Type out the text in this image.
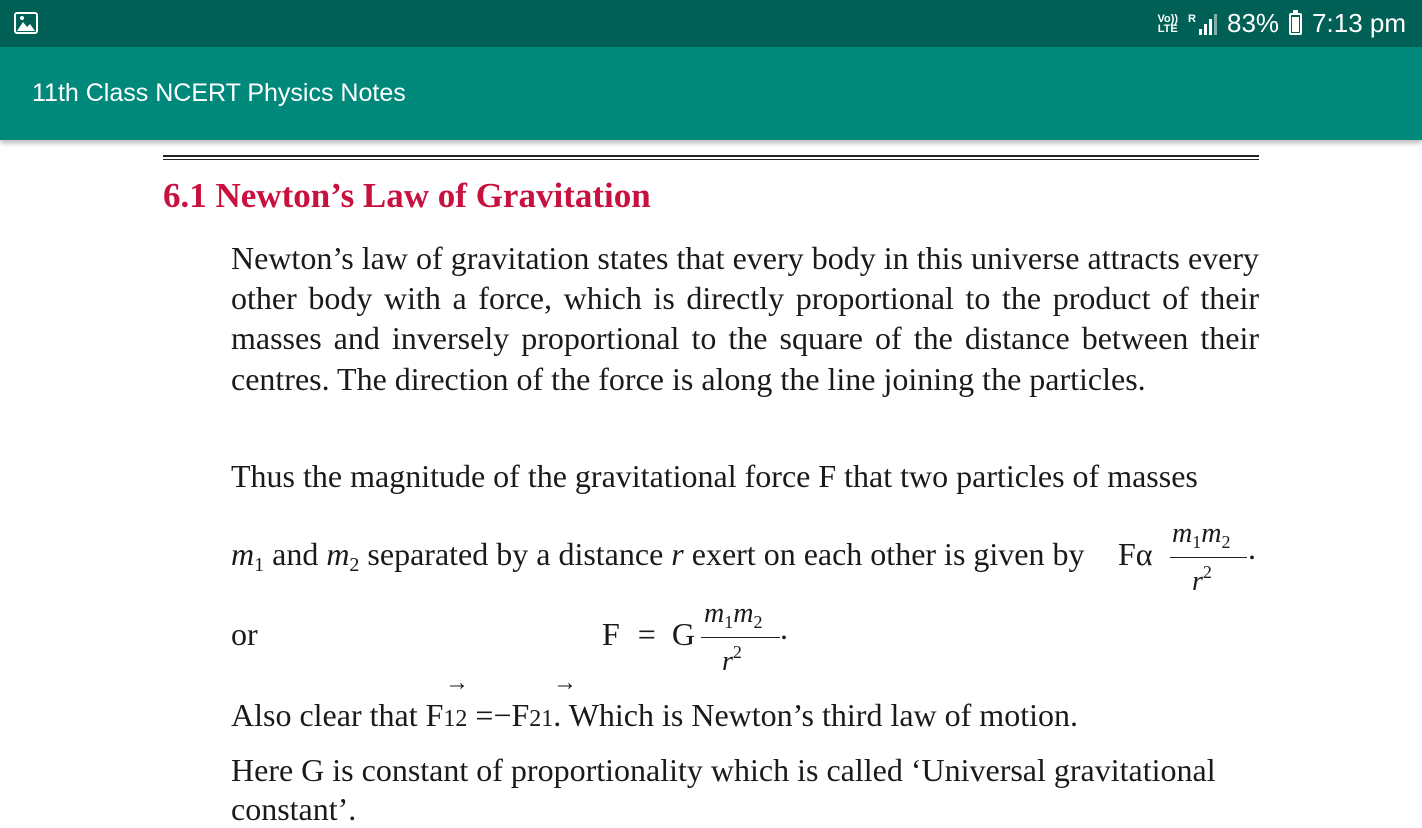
Vo))
LTE
R 83% 7:13 pm
11th Class NCERT Physics Notes
6.1 Newton’s Law of Gravitation

Newton’s law of gravitation states that every body in this universe attracts every other body with a force, which is directly proportional to the product of their masses and inversely proportional to the square of the distance between their centres. The direction of the force is along the line joining the particles.

Thus the magnitude of the gravitational force F that two particles of masses

$m_1$ and $m_2$ separated by a distance r exert on each other is given by Fα
$m_1m_2$ .
$r^2$
or	F = G
$m_1m_2$ .
$r^2$
→	→
Also clear that F12 =−F21. Which is Newton’s third law of motion.
Here G is constant of proportionality which is called ‘Universal gravitational
constant’.
